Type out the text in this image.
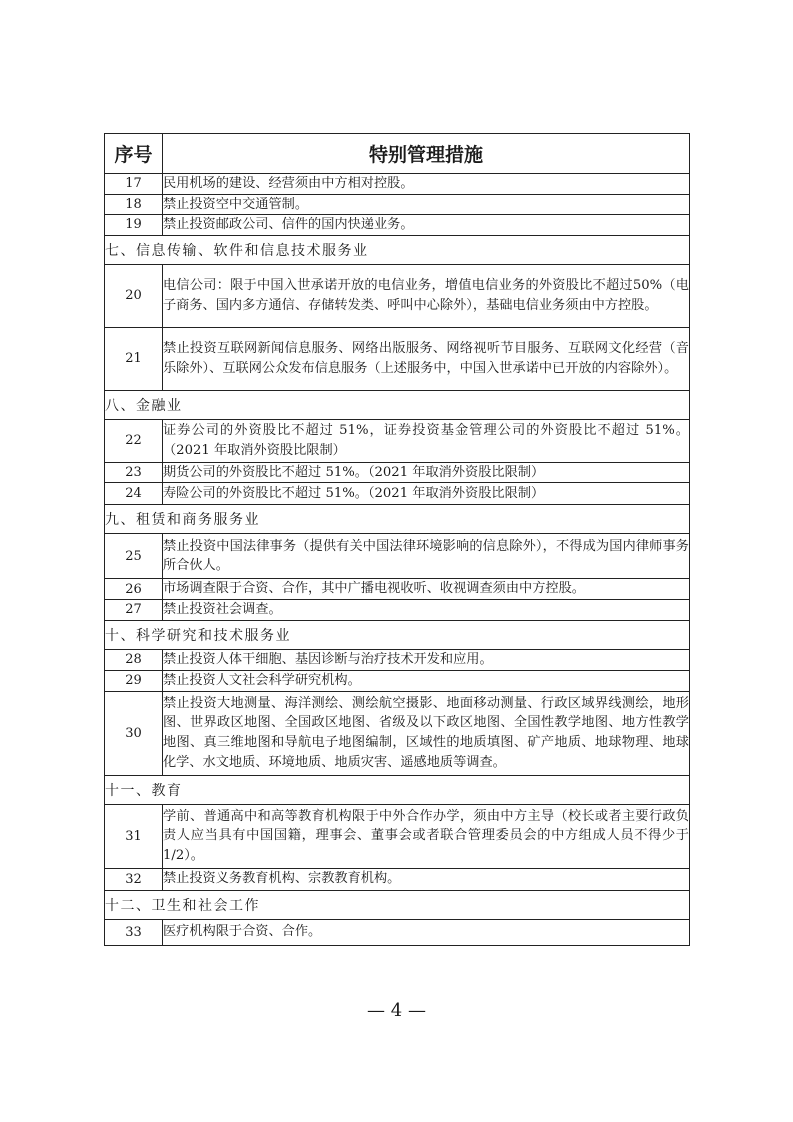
序号	特别管理措施
17	民用机场的建设、经营须由中方相对控股。
18	禁止投资空中交通管制。
19	禁止投资邮政公司、信件的国内快递业务。
七、信息传输、软件和信息技术服务业	
20	电信公司：限于中国入世承诺开放的电信业务，增值电信业务的外资股比不超过50%（电子商务、国内多方通信、存储转发类、呼叫中心除外），基础电信业务须由中方控股。
21	禁止投资互联网新闻信息服务、网络出版服务、网络视听节目服务、互联网文化经营（音乐除外）、互联网公众发布信息服务（上述服务中，中国入世承诺中已开放的内容除外）。
八、金融业	
22	证券公司的外资股比不超过 51%，证券投资基金管理公司的外资股比不超过 51%。（2021 年取消外资股比限制）
23	期货公司的外资股比不超过 51%。（2021 年取消外资股比限制）
24	寿险公司的外资股比不超过 51%。（2021 年取消外资股比限制）
九、租赁和商务服务业	
25	禁止投资中国法律事务（提供有关中国法律环境影响的信息除外），不得成为国内律师事务所合伙人。
26	市场调查限于合资、合作，其中广播电视收听、收视调查须由中方控股。
27	禁止投资社会调查。
十、科学研究和技术服务业	
28	禁止投资人体干细胞、基因诊断与治疗技术开发和应用。
29	禁止投资人文社会科学研究机构。
30	禁止投资大地测量、海洋测绘、测绘航空摄影、地面移动测量、行政区域界线测绘，地形图、世界政区地图、全国政区地图、省级及以下政区地图、全国性教学地图、地方性教学地图、真三维地图和导航电子地图编制，区域性的地质填图、矿产地质、地球物理、地球化学、水文地质、环境地质、地质灾害、遥感地质等调查。
十一、教育	
31	学前、普通高中和高等教育机构限于中外合作办学，须由中方主导（校长或者主要行政负责人应当具有中国国籍，理事会、董事会或者联合管理委员会的中方组成人员不得少于 1/2）。
32	禁止投资义务教育机构、宗教教育机构。
十二、卫生和社会工作	
33	医疗机构限于合资、合作。
— 4 —
